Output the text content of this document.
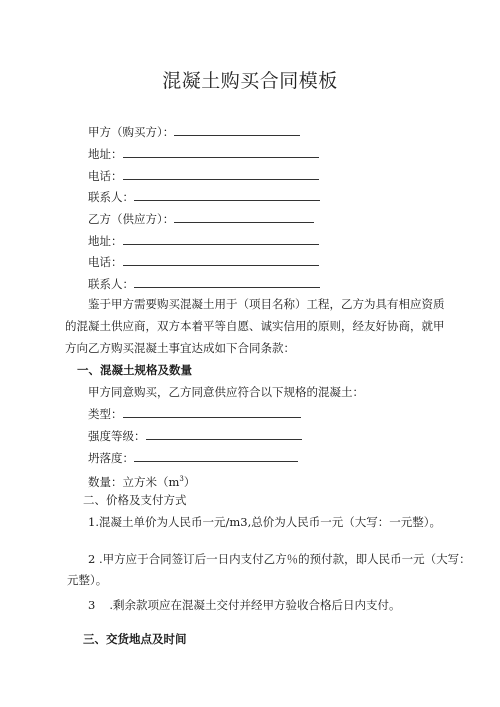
混凝土购买合同模板
甲方（购买方）：
地址：
电话：
联系人：
乙方（供应方）：
地址：
电话：
联系人：
鉴于甲方需要购买混凝土用于（项目名称）工程，乙方为具有相应资质的混凝土供应商，双方本着平等自愿、诚实信用的原则，经友好协商，就甲方向乙方购买混凝土事宜达成如下合同条款：
一、混凝土规格及数量
甲方同意购买，乙方同意供应符合以下规格的混凝土：
类型：
强度等级：
坍落度：
数量：立方米$(m^3)$
二、价格及支付方式
1.混凝土单价为人民币一元/m3,总价为人民币一元（大写：一元整）。
2 .甲方应于合同签订后一日内支付乙方％的预付款，即人民币一元（大写：
元整）。
3 .剩余款项应在混凝土交付并经甲方验收合格后日内支付。
三、交货地点及时间
